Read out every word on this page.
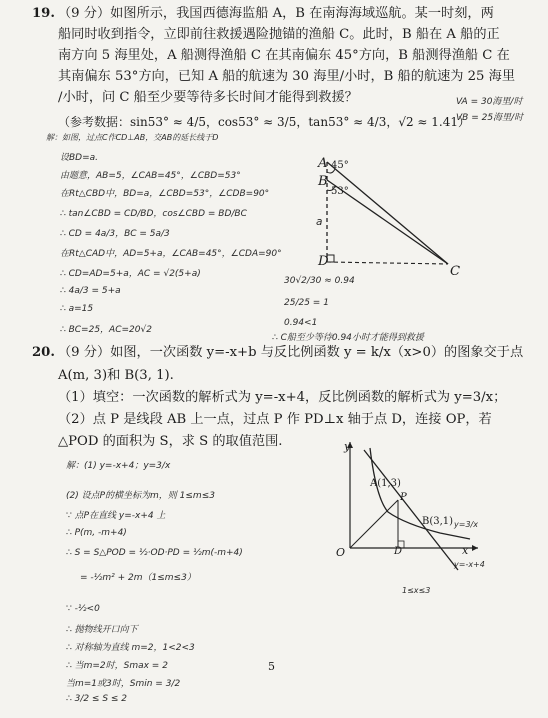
19. （9 分）如图所示，我国西德海监船 A，B 在南海海域巡航。某一时刻，两
船同时收到指令，立即前往救援遇险抛锚的渔船 C。此时，B 船在 A 船的正
南方向 5 海里处，A 船测得渔船 C 在其南偏东 45°方向，B 船测得渔船 C 在
其南偏东 53°方向，已知 A 船的航速为 30 海里/小时，B 船的航速为 25 海里
/小时，问 C 船至少要等待多长时间才能得到救援？	VA = 30海里/时
VB = 25海里/时
（参考数据：sin53° ≈ 4/5，cos53° ≈ 3/5，tan53° ≈ 4/3，√2 ≈ 1.41）
解：如图，过点C作CD⊥AB，交AB的延长线于D
设BD=a.
由题意，AB=5，∠CAB=45°，∠CBD=53°
在Rt△CBD中，BD=a，∠CBD=53°，∠CDB=90°
∴ tan∠CBD = CD/BD，cos∠CBD = BD/BC
∴ CD = 4a/3，BC = 5a/3
在Rt△CAD中，AD=5+a，∠CAB=45°，∠CDA=90°
∴ CD=AD=5+a，AC = √2(5+a)
∴ 4a/3 = 5+a
∴ a=15
∴ BC=25，AC=20√2
30√2/30 ≈ 0.94
25/25 = 1
0.94<1
∴ C船至少等待0.94小时才能得到救援
A
B
C
D
a
45°
53°
20. （9 分）如图，一次函数 y=-x+b 与反比例函数 y = k/x（x>0）的图象交于点
A(m, 3)和 B(3, 1).
（1）填空：一次函数的解析式为 y=-x+4，反比例函数的解析式为 y=3/x；
（2）点 P 是线段 AB 上一点，过点 P 作 PD⊥x 轴于点 D，连接 OP，若
△POD 的面积为 S，求 S 的取值范围.
解：(1) y=-x+4；y=3/x
(2) 设点P的横坐标为m，则 1≤m≤3
∵ 点P在直线 y=-x+4 上
∴ P(m, -m+4)
∴ S = S△POD = ½·OD·PD = ½m(-m+4)
= -½m² + 2m（1≤m≤3）
∵ -½<0
∴ 抛物线开口向下
∴ 对称轴为直线 m=2，1<2<3
∴ 当m=2时，Smax = 2
当m=1或3时，Smin = 3/2
∴ 3/2 ≤ S ≤ 2
y
x
O
A(1,3)
P
B(3,1)
D
y=3/x
y=-x+4
1≤x≤3
5
